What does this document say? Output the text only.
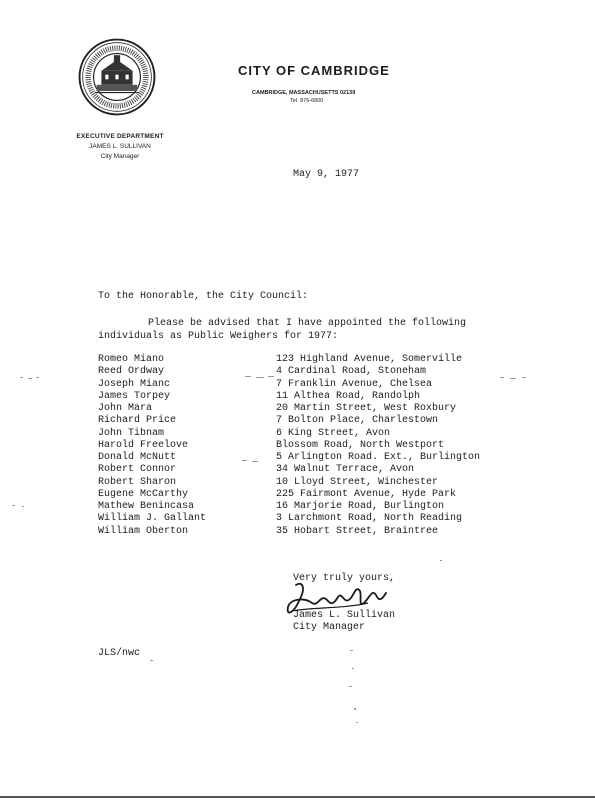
CITY OF CAMBRIDGE
CAMBRIDGE, MASSACHUSETTS 02139
Tel. 876-6800
EXECUTIVE DEPARTMENT
JAMES L. SULLIVAN
City Manager
May 9, 1977
To the Honorable, the City Council:
Please be advised that I have appointed the following
individuals as Public Weighers for 1977:
Romeo Miano	123 Highland Avenue, Somerville
Reed Ordway	4 Cardinal Road, Stoneham
Joseph Mianc	7 Franklin Avenue, Chelsea
James Torpey	11 Althea Road, Randolph
John Mara	20 Martin Street, West Roxbury
Richard Price	7 Bolton Place, Charlestown
John Tibnam	6 King Street, Avon
Harold Freelove	Blossom Road, North Westport
Donald McNutt	5 Arlington Road. Ext., Burlington
Robert Connor	34 Walnut Terrace, Avon
Robert Sharon	10 Lloyd Street, Winchester
Eugene McCarthy	225 Fairmont Avenue, Hyde Park
Mathew Benincasa	16 Marjorie Road, Burlington
William J. Gallant	3 Larchmont Road, North Reading
William Oberton	35 Hobart Street, Braintree
Very truly yours,
James L. Sullivan
City Manager
JLS/nwc
